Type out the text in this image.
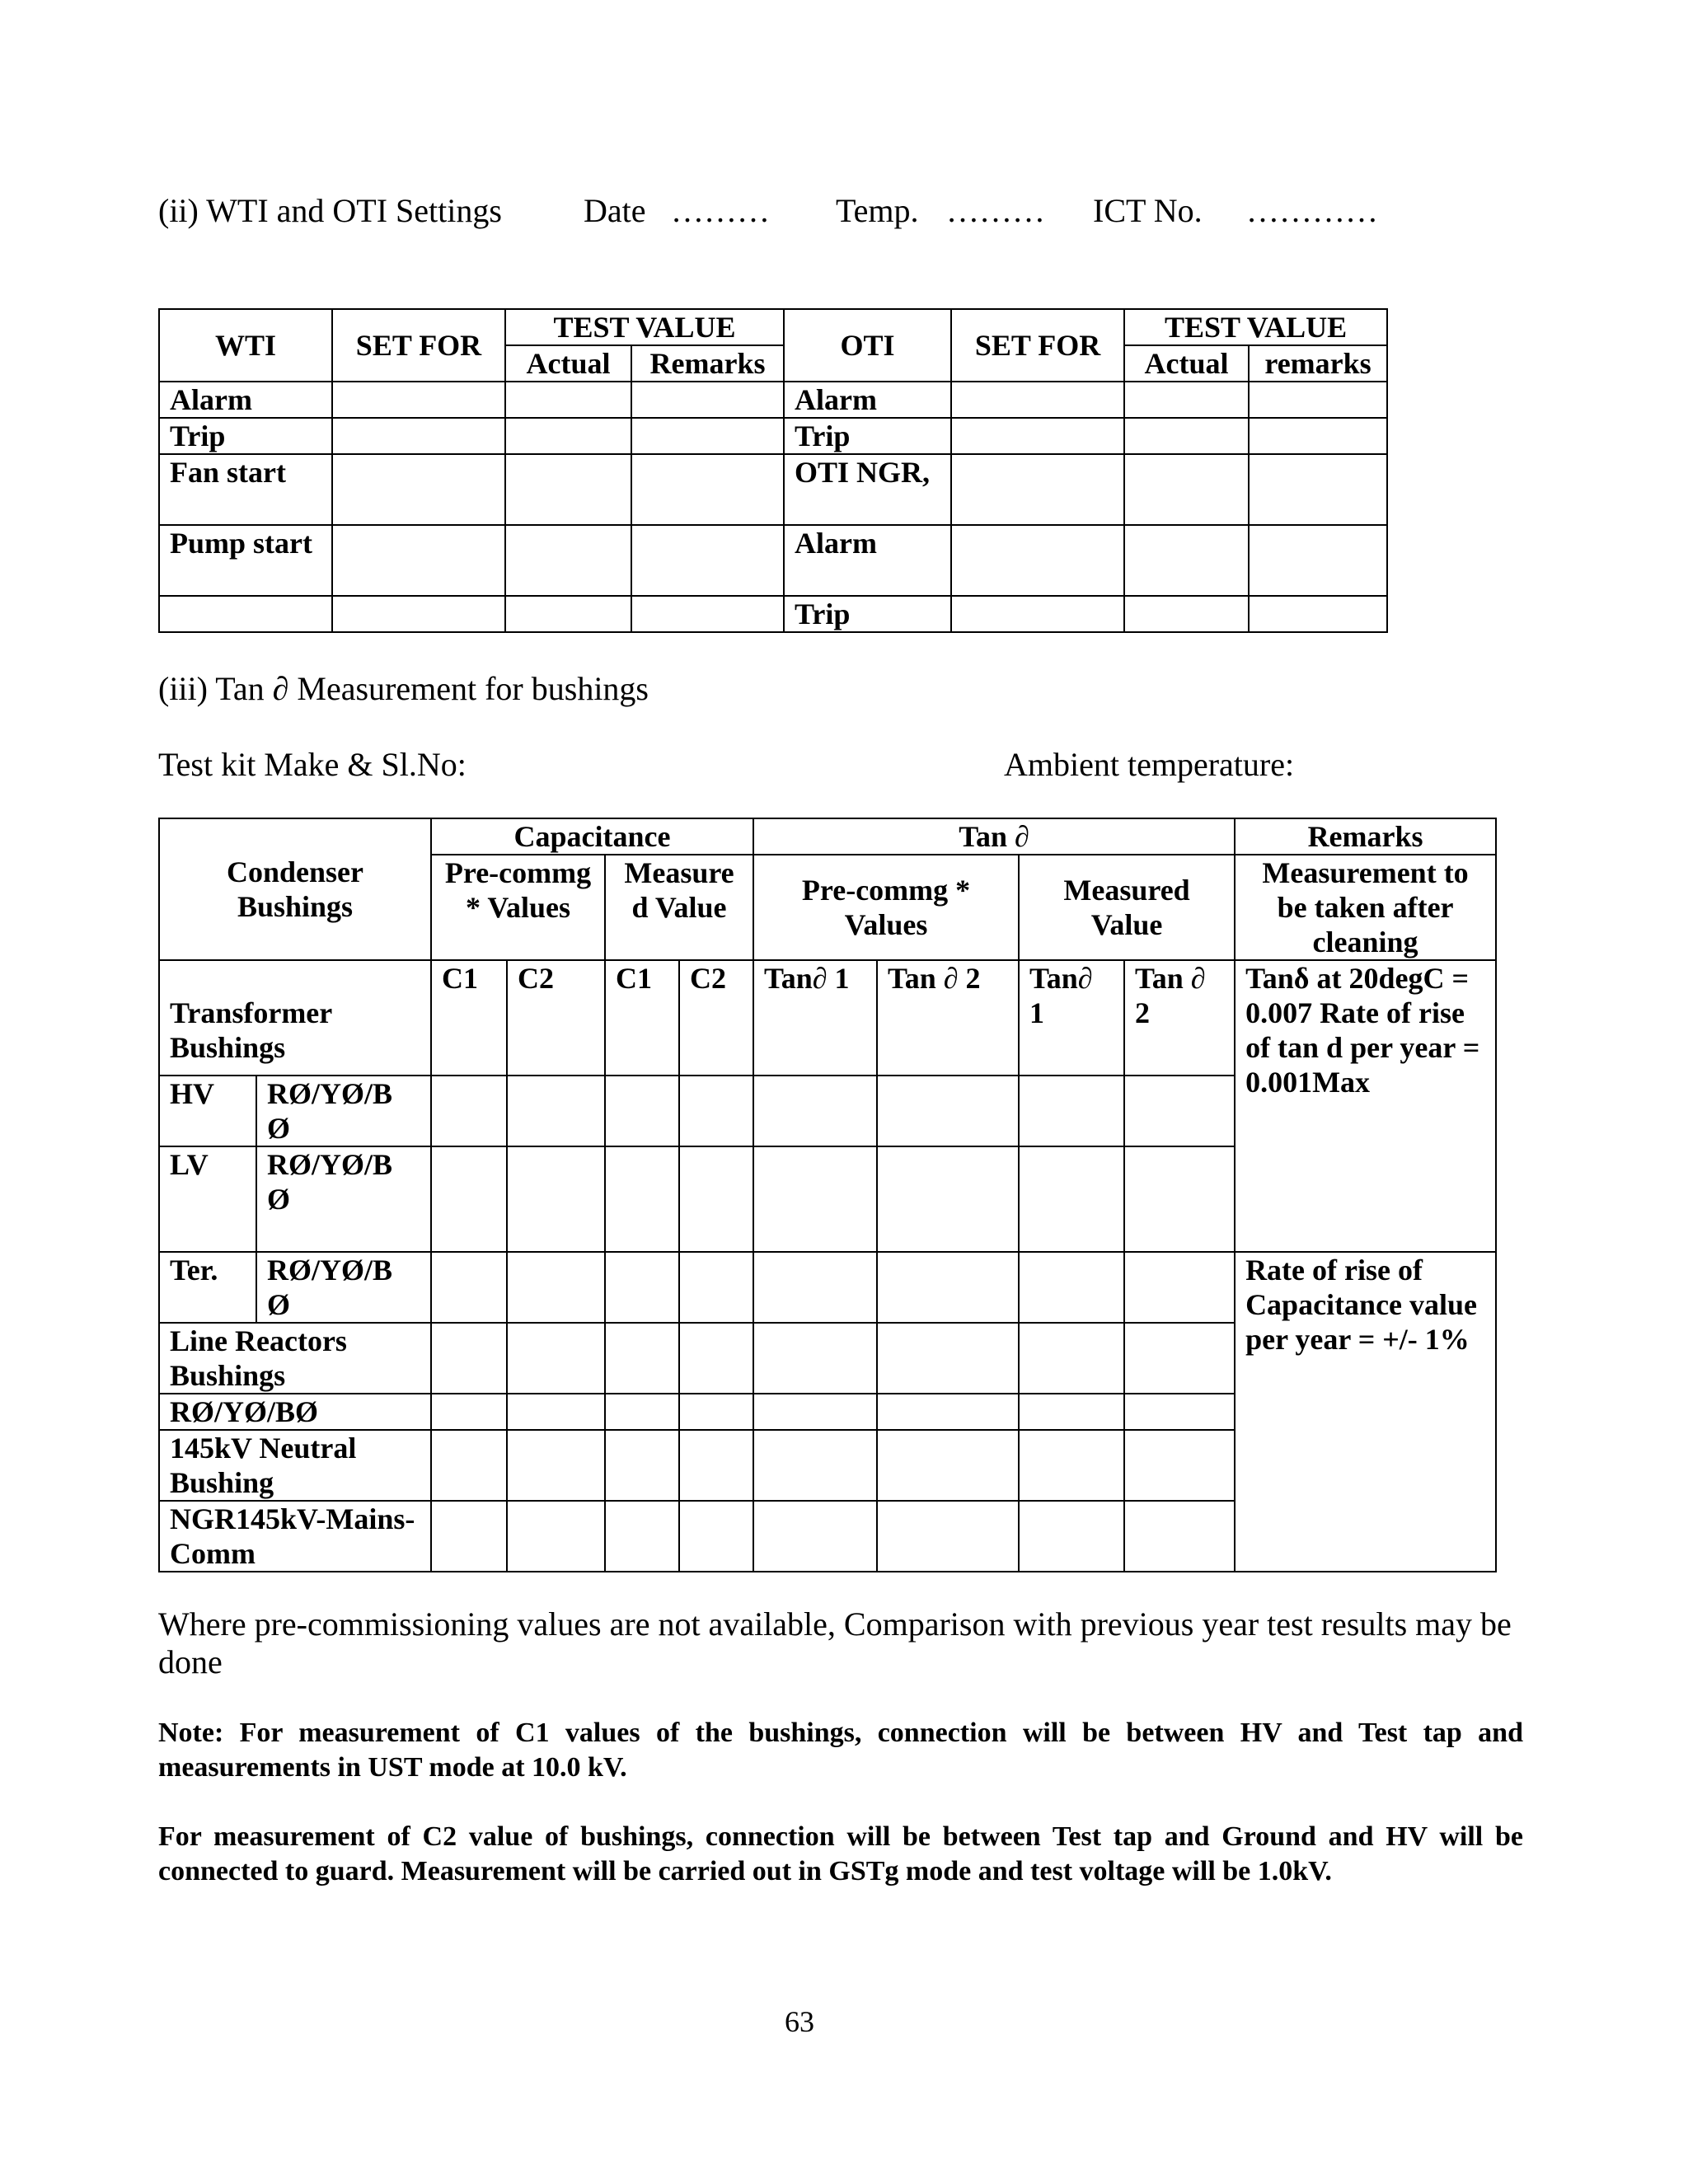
(ii) WTI and OTI Settings Date ……… Temp. ……… ICT No. …………
WTI	SET FOR	TEST VALUE		OTI	SET FOR	TEST VALUE	
		Actual	Remarks			Actual	remarks
Alarm				Alarm			
Trip				Trip			
Fan start				OTI NGR,			
Pump start				Alarm			
				Trip			
(iii) Tan ∂ Measurement for bushings
Test kit Make & Sl.No:	Ambient temperature:
Condenser Bushings		Capacitance				Tan ∂				Remarks
		Pre-commg * Values		Measure d Value		Pre-commg * Values		Measured Value		Measurement to be taken after cleaning
Transformer Bushings		C1	C2	C1	C2	Tan∂ 1	Tan ∂ 2	Tan∂ 1	Tan ∂ 2	Tanδ at 20degC = 0.007 Rate of rise of tan d per year = 0.001Max
HV	RØ/YØ/B Ø									
LV	RØ/YØ/B Ø									
Ter.	RØ/YØ/B Ø									Rate of rise of Capacitance value per year = +/- 1%
Line Reactors Bushings										
RØ/YØ/BØ										
145kV Neutral Bushing										
NGR145kV-Mains-Comm										
Where pre-commissioning values are not available, Comparison with previous year test results may be done
Note: For measurement of C1 values of the bushings, connection will be between HV and Test tap and measurements in UST mode at 10.0 kV.
For measurement of C2 value of bushings, connection will be between Test tap and Ground and HV will be connected to guard. Measurement will be carried out in GSTg mode and test voltage will be 1.0kV.
63
